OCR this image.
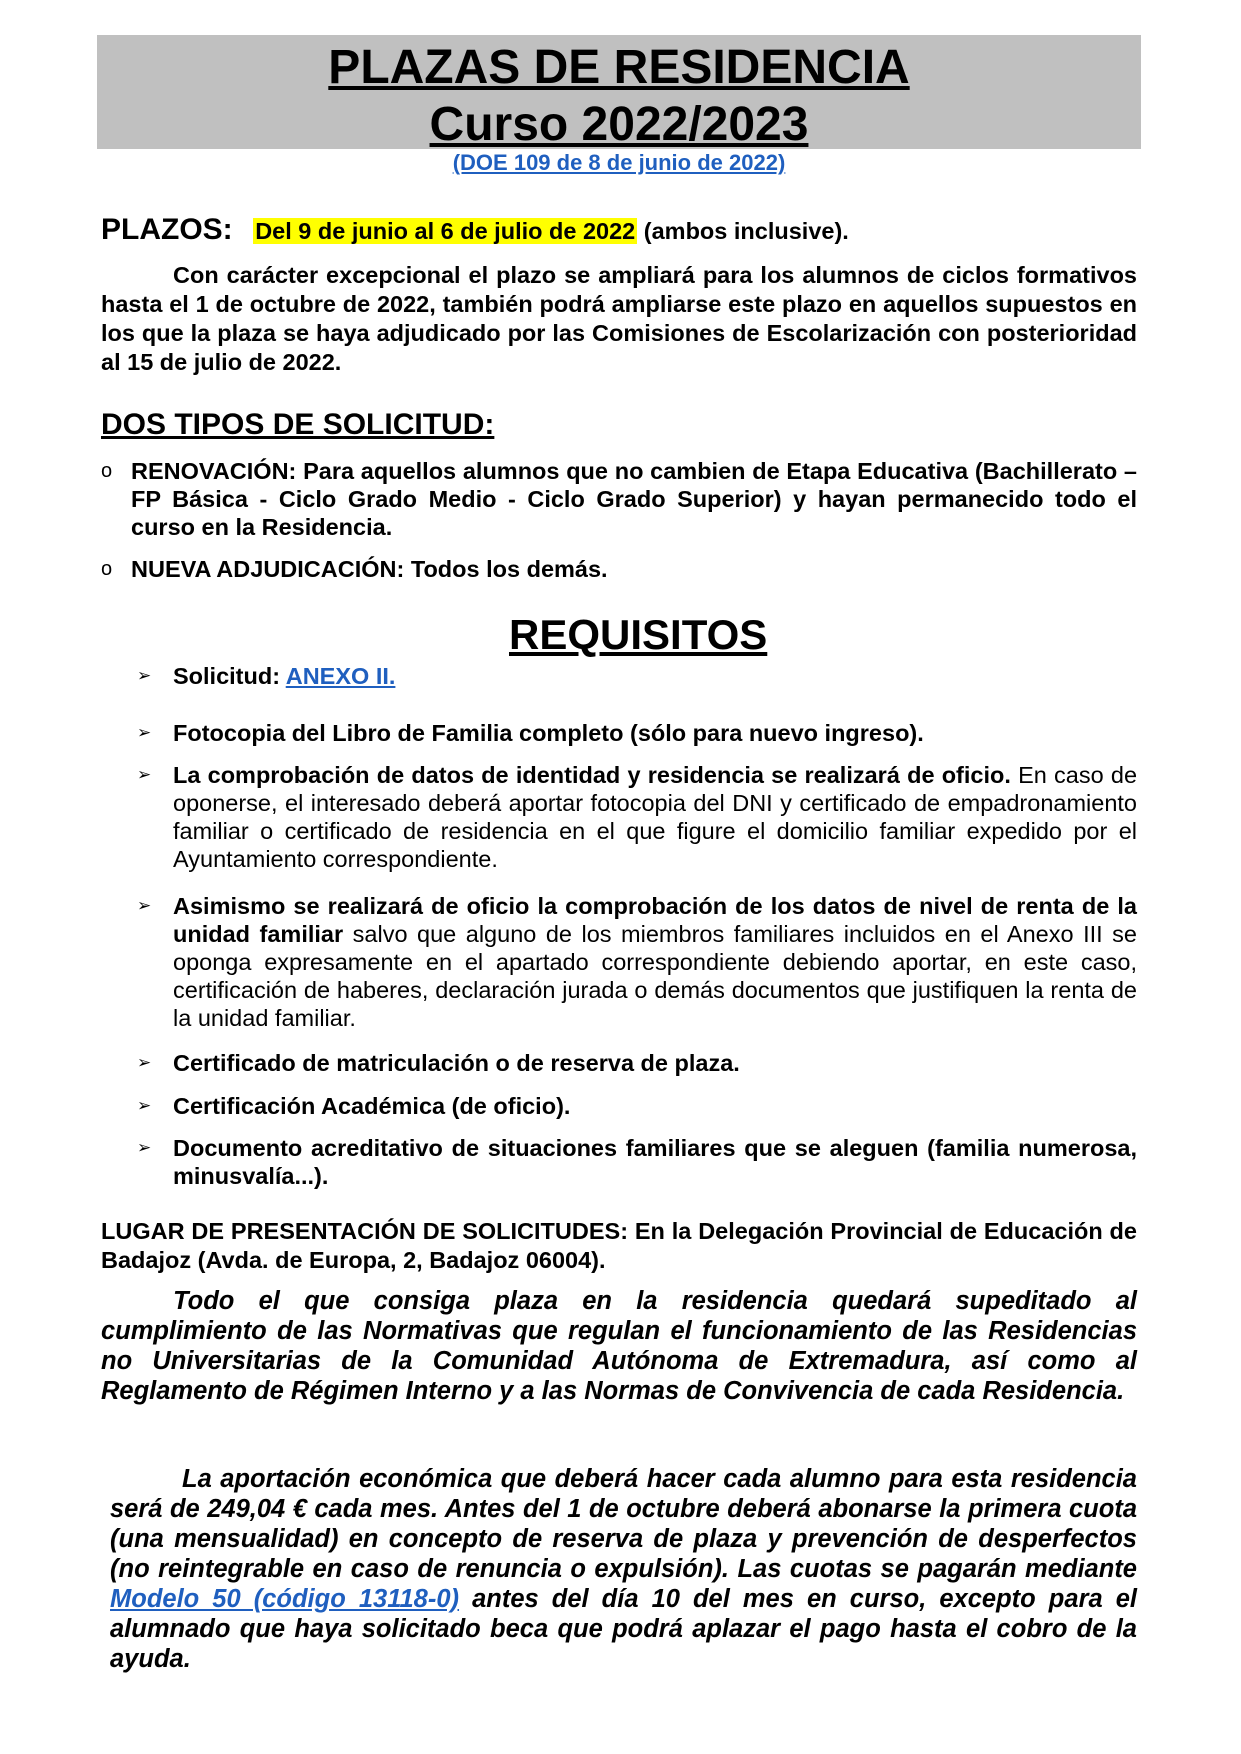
PLAZAS DE RESIDENCIA
Curso 2022/2023
(DOE 109 de 8 de junio de 2022)
PLAZOS: Del 9 de junio al 6 de julio de 2022 (ambos inclusive).
Con carácter excepcional el plazo se ampliará para los alumnos de ciclos formativos hasta el 1 de octubre de 2022, también podrá ampliarse este plazo en aquellos supuestos en los que la plaza se haya adjudicado por las Comisiones de Escolarización con posterioridad al 15 de julio de 2022.
DOS TIPOS DE SOLICITUD:
o RENOVACIÓN: Para aquellos alumnos que no cambien de Etapa Educativa (Bachillerato – FP Básica - Ciclo Grado Medio - Ciclo Grado Superior) y hayan permanecido todo el curso en la Residencia.
o NUEVA ADJUDICACIÓN: Todos los demás.
REQUISITOS
➢ Solicitud: ANEXO II.
➢ Fotocopia del Libro de Familia completo (sólo para nuevo ingreso).
➢ La comprobación de datos de identidad y residencia se realizará de oficio. En caso de oponerse, el interesado deberá aportar fotocopia del DNI y certificado de empadronamiento familiar o certificado de residencia en el que figure el domicilio familiar expedido por el Ayuntamiento correspondiente.
➢ Asimismo se realizará de oficio la comprobación de los datos de nivel de renta de la unidad familiar salvo que alguno de los miembros familiares incluidos en el Anexo III se oponga expresamente en el apartado correspondiente debiendo aportar, en este caso, certificación de haberes, declaración jurada o demás documentos que justifiquen la renta de la unidad familiar.
➢ Certificado de matriculación o de reserva de plaza.
➢ Certificación Académica (de oficio).
➢ Documento acreditativo de situaciones familiares que se aleguen (familia numerosa, minusvalía...).
LUGAR DE PRESENTACIÓN DE SOLICITUDES: En la Delegación Provincial de Educación de Badajoz (Avda. de Europa, 2, Badajoz 06004).
Todo el que consiga plaza en la residencia quedará supeditado al cumplimiento de las Normativas que regulan el funcionamiento de las Residencias no Universitarias de la Comunidad Autónoma de Extremadura, así como al Reglamento de Régimen Interno y a las Normas de Convivencia de cada Residencia.
La aportación económica que deberá hacer cada alumno para esta residencia será de 249,04 € cada mes. Antes del 1 de octubre deberá abonarse la primera cuota (una mensualidad) en concepto de reserva de plaza y prevención de desperfectos (no reintegrable en caso de renuncia o expulsión). Las cuotas se pagarán mediante Modelo 50 (código 13118-0) antes del día 10 del mes en curso, excepto para el alumnado que haya solicitado beca que podrá aplazar el pago hasta el cobro de la ayuda.
